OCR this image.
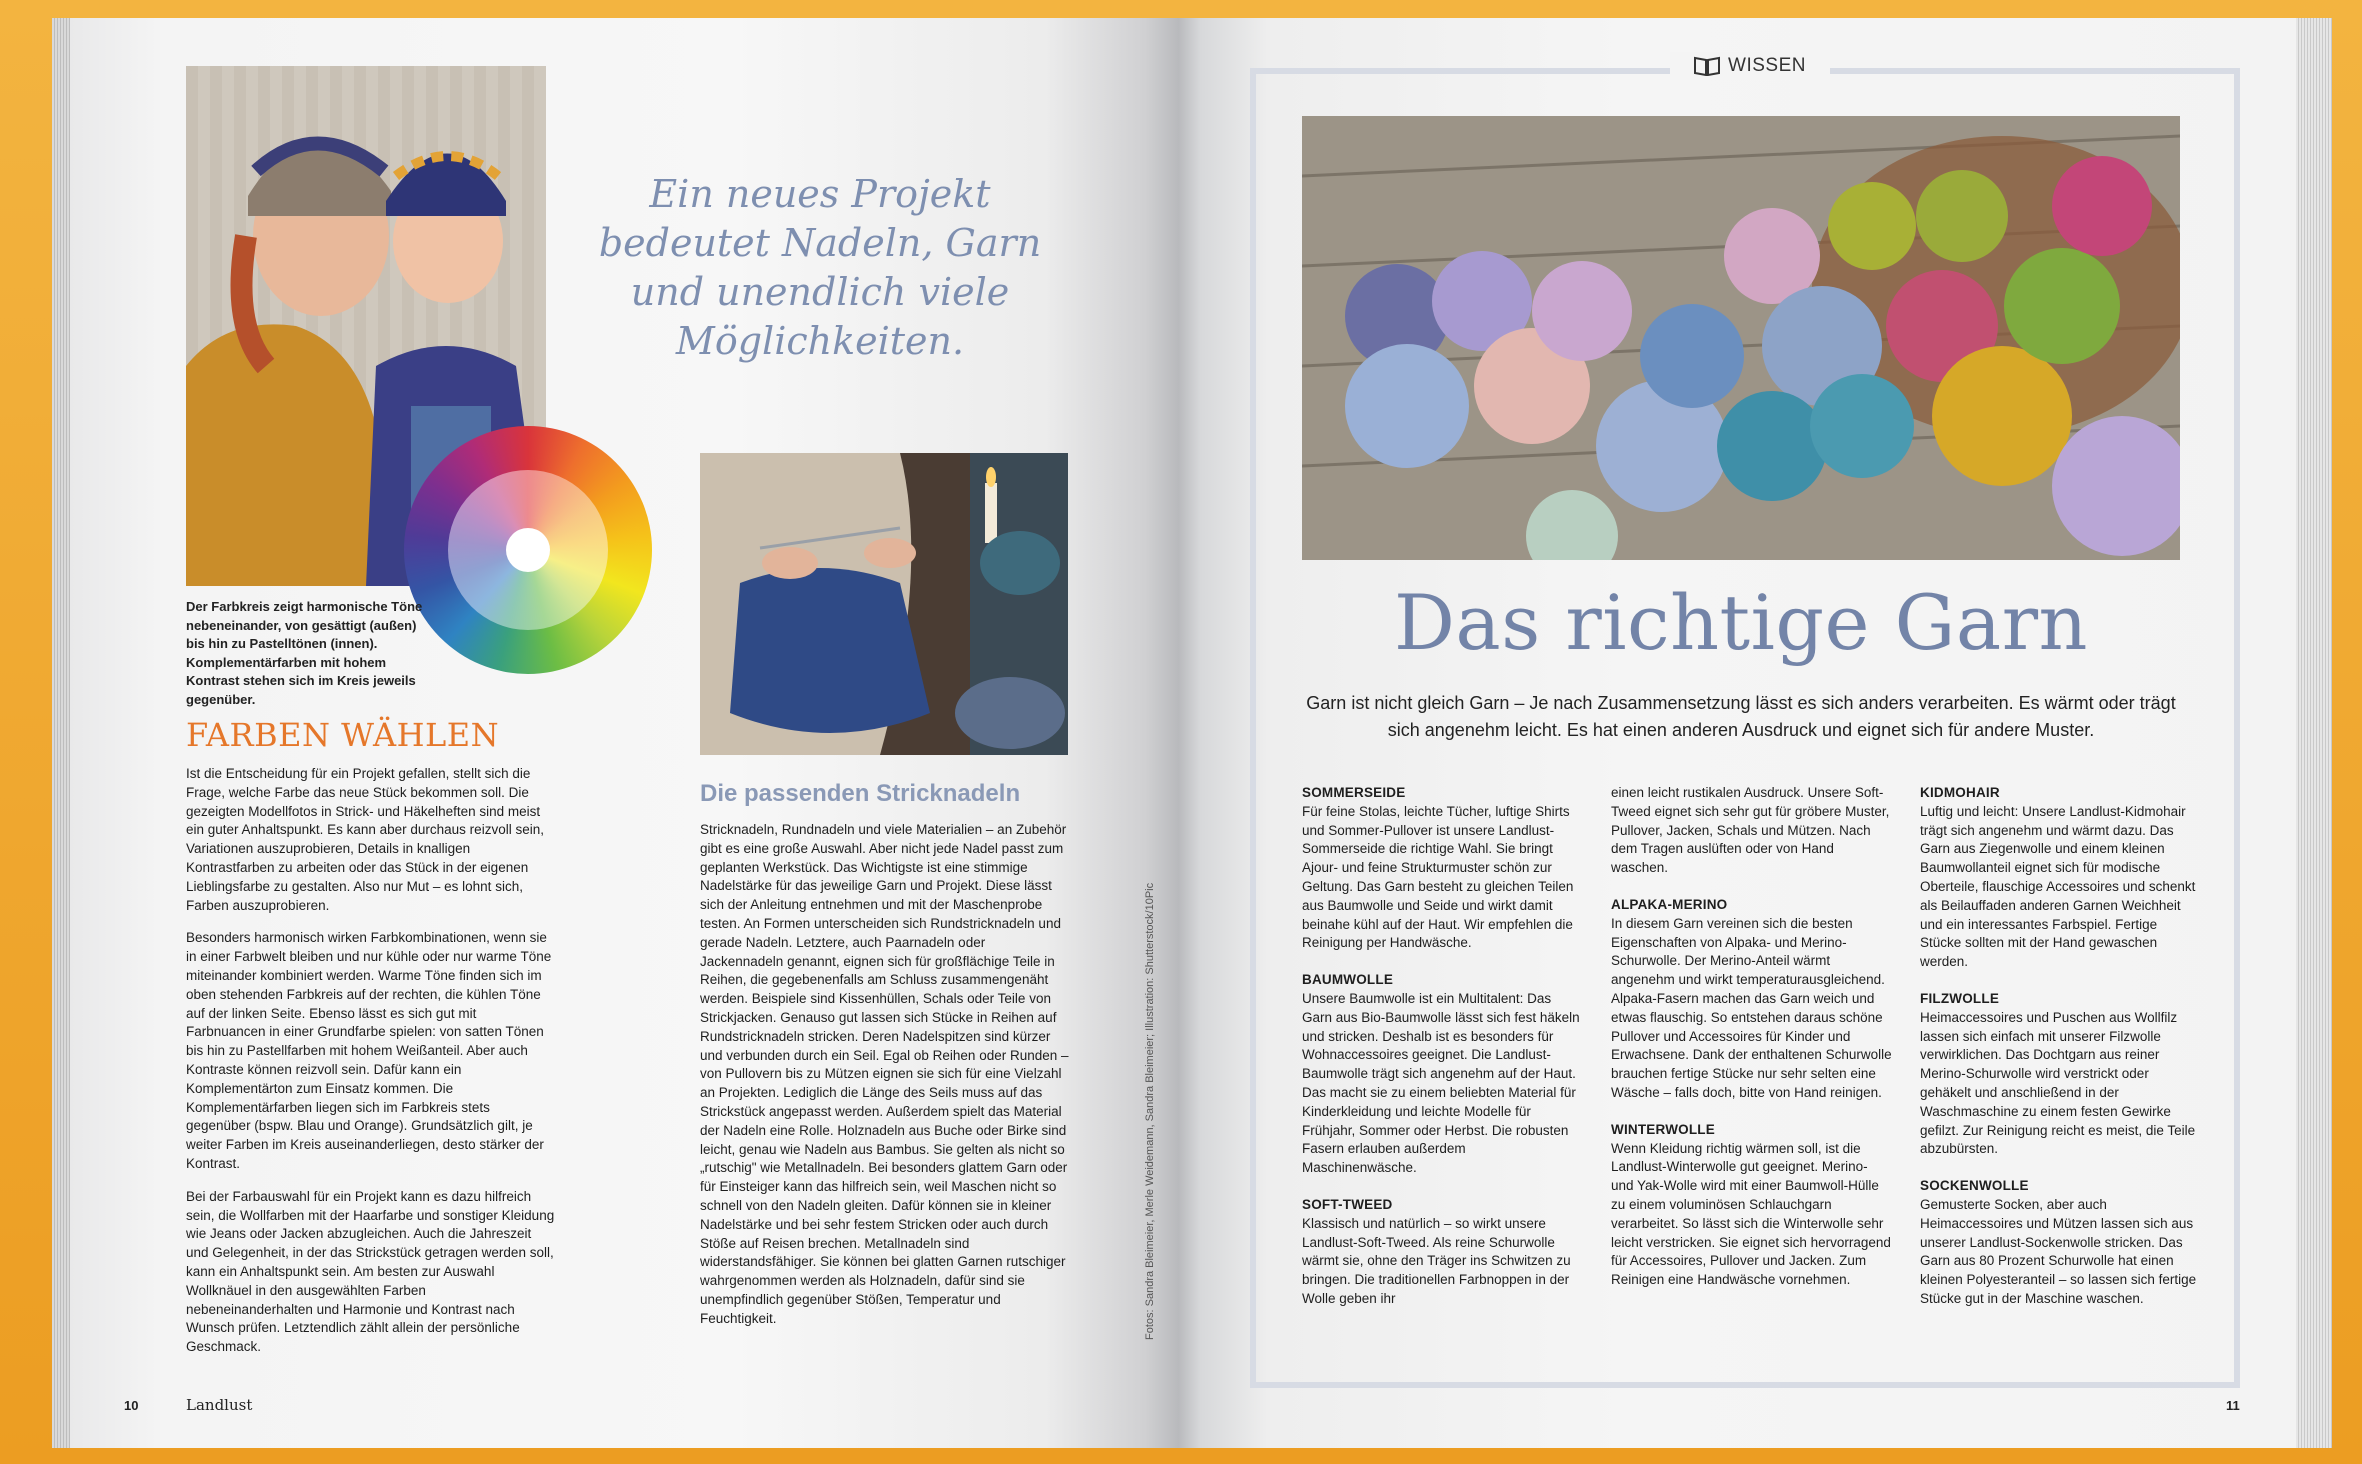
Der Farbkreis zeigt harmonische Töne nebeneinander, von gesättigt (außen) bis hin zu Pastelltönen (innen). Komplementärfarben mit hohem Kontrast stehen sich im Kreis jeweils gegenüber.
Ein neues Projekt bedeutet Nadeln, Garn und unendlich viele Möglichkeiten.
FARBEN WÄHLEN

Ist die Entscheidung für ein Projekt gefallen, stellt sich die Frage, welche Farbe das neue Stück bekommen soll. Die gezeigten Modellfotos in Strick- und Häkelheften sind meist ein guter Anhaltspunkt. Es kann aber durchaus reizvoll sein, Variationen auszuprobieren, Details in knalligen Kontrastfarben zu arbeiten oder das Stück in der eigenen Lieblingsfarbe zu gestalten. Also nur Mut – es lohnt sich, Farben auszuprobieren.

Besonders harmonisch wirken Farbkombinationen, wenn sie in einer Farbwelt bleiben und nur kühle oder nur warme Töne miteinander kombiniert werden. Warme Töne finden sich im oben stehenden Farbkreis auf der rechten, die kühlen Töne auf der linken Seite. Ebenso lässt es sich gut mit Farbnuancen in einer Grundfarbe spielen: von satten Tönen bis hin zu Pastellfarben mit hohem Weißanteil. Aber auch Kontraste können reizvoll sein. Dafür kann ein Komplementärton zum Einsatz kommen. Die Komplementärfarben liegen sich im Farbkreis stets gegenüber (bspw. Blau und Orange). Grundsätzlich gilt, je weiter Farben im Kreis auseinanderliegen, desto stärker der Kontrast.

Bei der Farbauswahl für ein Projekt kann es dazu hilfreich sein, die Wollfarben mit der Haarfarbe und sonstiger Kleidung wie Jeans oder Jacken abzugleichen. Auch die Jahreszeit und Gelegenheit, in der das Strickstück getragen werden soll, kann ein Anhaltspunkt sein. Am besten zur Auswahl Wollknäuel in den ausgewählten Farben nebeneinanderhalten und Harmonie und Kontrast nach Wunsch prüfen. Letztendlich zählt allein der persönliche Geschmack.

Die passenden Stricknadeln

Stricknadeln, Rundnadeln und viele Materialien – an Zubehör gibt es eine große Auswahl. Aber nicht jede Nadel passt zum geplanten Werkstück. Das Wichtigste ist eine stimmige Nadelstärke für das jeweilige Garn und Projekt. Diese lässt sich der Anleitung entnehmen und mit der Maschenprobe testen. An Formen unterscheiden sich Rundstricknadeln und gerade Nadeln. Letztere, auch Paarnadeln oder Jackennadeln genannt, eignen sich für großflächige Teile in Reihen, die gegebenenfalls am Schluss zusammengenäht werden. Beispiele sind Kissenhüllen, Schals oder Teile von Strickjacken. Genauso gut lassen sich Stücke in Reihen auf Rundstricknadeln stricken. Deren Nadelspitzen sind kürzer und verbunden durch ein Seil. Egal ob Reihen oder Runden – von Pullovern bis zu Mützen eignen sie sich für eine Vielzahl an Projekten. Lediglich die Länge des Seils muss auf das Strickstück angepasst werden. Außerdem spielt das Material der Nadeln eine Rolle. Holznadeln aus Buche oder Birke sind leicht, genau wie Nadeln aus Bambus. Sie gelten als nicht so „rutschig" wie Metallnadeln. Bei besonders glattem Garn oder für Einsteiger kann das hilfreich sein, weil Maschen nicht so schnell von den Nadeln gleiten. Dafür können sie in kleiner Nadelstärke und bei sehr festem Stricken oder auch durch Stöße auf Reisen brechen. Metallnadeln sind widerstandsfähiger. Sie können bei glatten Garnen rutschiger wahrgenommen werden als Holznadeln, dafür sind sie unempfindlich gegenüber Stößen, Temperatur und Feuchtigkeit.	Fotos: Sandra Bleimeier, Merle Weidemann, Sandra Bleimeier; Illustration: Shutterstock/10Pic
10	Landlust
WISSEN
Das richtige Garn
Garn ist nicht gleich Garn – Je nach Zusammensetzung lässt es sich anders verarbeiten. Es wärmt oder trägt sich angenehm leicht. Es hat einen anderen Ausdruck und eignet sich für andere Muster.
SOMMERSEIDE

Für feine Stolas, leichte Tücher, luftige Shirts und Sommer-Pullover ist unsere Landlust-Sommerseide die richtige Wahl. Sie bringt Ajour- und feine Strukturmuster schön zur Geltung. Das Garn besteht zu gleichen Teilen aus Baumwolle und Seide und wirkt damit beinahe kühl auf der Haut. Wir empfehlen die Reinigung per Handwäsche.

BAUMWOLLE

Unsere Baumwolle ist ein Multitalent: Das Garn aus Bio-Baumwolle lässt sich fest häkeln und stricken. Deshalb ist es besonders für Wohnaccessoires geeignet. Die Landlust-Baumwolle trägt sich angenehm auf der Haut. Das macht sie zu einem beliebten Material für Kinderkleidung und leichte Modelle für Frühjahr, Sommer oder Herbst. Die robusten Fasern erlauben außerdem Maschinenwäsche.

SOFT-TWEED

Klassisch und natürlich – so wirkt unsere Landlust-Soft-Tweed. Als reine Schurwolle wärmt sie, ohne den Träger ins Schwitzen zu bringen. Die traditionellen Farbnoppen in der Wolle geben ihr

einen leicht rustikalen Ausdruck. Unsere Soft-Tweed eignet sich sehr gut für gröbere Muster, Pullover, Jacken, Schals und Mützen. Nach dem Tragen auslüften oder von Hand waschen.

ALPAKA-MERINO

In diesem Garn vereinen sich die besten Eigenschaften von Alpaka- und Merino-Schurwolle. Der Merino-Anteil wärmt angenehm und wirkt temperaturausgleichend. Alpaka-Fasern machen das Garn weich und etwas flauschig. So entstehen daraus schöne Pullover und Accessoires für Kinder und Erwachsene. Dank der enthaltenen Schurwolle brauchen fertige Stücke nur sehr selten eine Wäsche – falls doch, bitte von Hand reinigen.

WINTERWOLLE

Wenn Kleidung richtig wärmen soll, ist die Landlust-Winterwolle gut geeignet. Merino- und Yak-Wolle wird mit einer Baumwoll-Hülle zu einem voluminösen Schlauchgarn verarbeitet. So lässt sich die Winterwolle sehr leicht verstricken. Sie eignet sich hervorragend für Accessoires, Pullover und Jacken. Zum Reinigen eine Handwäsche vornehmen.

KIDMOHAIR

Luftig und leicht: Unsere Landlust-Kidmohair trägt sich angenehm und wärmt dazu. Das Garn aus Ziegenwolle und einem kleinen Baumwollanteil eignet sich für modische Oberteile, flauschige Accessoires und schenkt als Beilauffaden anderen Garnen Weichheit und ein interessantes Farbspiel. Fertige Stücke sollten mit der Hand gewaschen werden.

FILZWOLLE

Heimaccessoires und Puschen aus Wollfilz lassen sich einfach mit unserer Filzwolle verwirklichen. Das Dochtgarn aus reiner Merino-Schurwolle wird verstrickt oder gehäkelt und anschließend in der Waschmaschine zu einem festen Gewirke gefilzt. Zur Reinigung reicht es meist, die Teile abzubürsten.

SOCKENWOLLE

Gemusterte Socken, aber auch Heimaccessoires und Mützen lassen sich aus unserer Landlust-Sockenwolle stricken. Das Garn aus 80 Prozent Schurwolle hat einen kleinen Polyesteranteil – so lassen sich fertige Stücke gut in der Maschine waschen.

11
